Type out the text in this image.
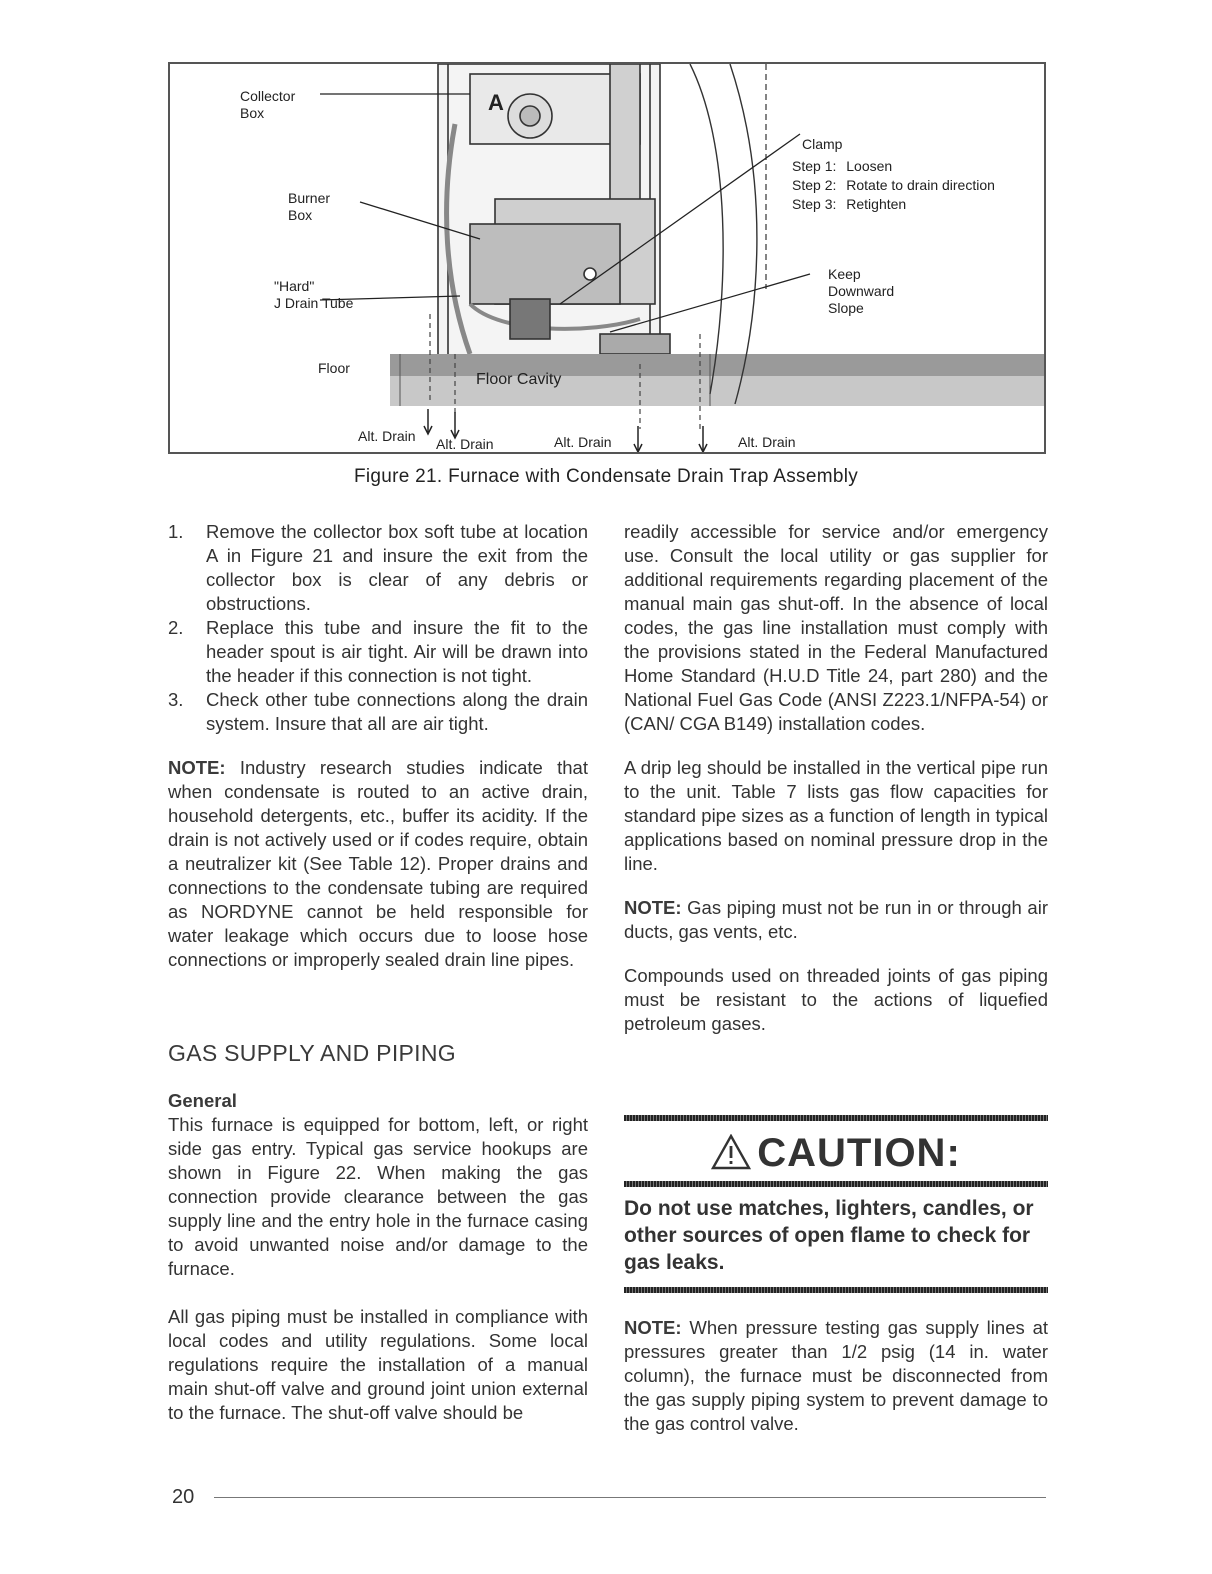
Collector
Box
Burner
Box
"Hard"
J Drain Tube
Floor
Floor Cavity
A
Clamp
Step 1: Loosen
Step 2: Rotate to drain direction
Step 3: Retighten
Keep
Downward
Slope
Alt. Drain Alt. Drain	Alt. Drain	Alt. Drain
Figure 21. Furnace with Condensate Drain Trap Assembly
1. Remove the collector box soft tube at location A in Figure 21 and insure the exit from the collector box is clear of any debris or obstructions.
2. Replace this tube and insure the fit to the header spout is air tight. Air will be drawn into the header if this connection is not tight.
3. Check other tube connections along the drain system. Insure that all are air tight.

NOTE: Industry research studies indicate that when condensate is routed to an active drain, household detergents, etc., buffer its acidity. If the drain is not actively used or if codes require, obtain a neutralizer kit (See Table 12). Proper drains and connections to the condensate tubing are required as NORDYNE cannot be held responsible for water leakage which occurs due to loose hose connections or improperly sealed drain line pipes.

GAS SUPPLY AND PIPING
General

This furnace is equipped for bottom, left, or right side gas entry. Typical gas service hookups are shown in Figure 22. When making the gas connection provide clearance between the gas supply line and the entry hole in the furnace casing to avoid unwanted noise and/or damage to the furnace.

All gas piping must be installed in compliance with local codes and utility regulations. Some local regulations require the installation of a manual main shut-off valve and ground joint union external to the furnace. The shut-off valve should be

readily accessible for service and/or emergency use. Consult the local utility or gas supplier for additional requirements regarding placement of the manual main gas shut-off. In the absence of local codes, the gas line installation must comply with the provisions stated in the Federal Manufactured Home Standard (H.U.D Title 24, part 280) and the National Fuel Gas Code (ANSI Z223.1/NFPA-54) or (CAN/ CGA B149) installation codes.

A drip leg should be installed in the vertical pipe run to the unit. Table 7 lists gas flow capacities for standard pipe sizes as a function of length in typical applications based on nominal pressure drop in the line.

NOTE: Gas piping must not be run in or through air ducts, gas vents, etc.

Compounds used on threaded joints of gas piping must be resistant to the actions of liquefied petroleum gases.

CAUTION:
Do not use matches, lighters, candles, or other sources of open flame to check for gas leaks.

NOTE: When pressure testing gas supply lines at pressures greater than 1/2 psig (14 in. water column), the furnace must be disconnected from the gas supply piping system to prevent damage to the gas control valve.

20
